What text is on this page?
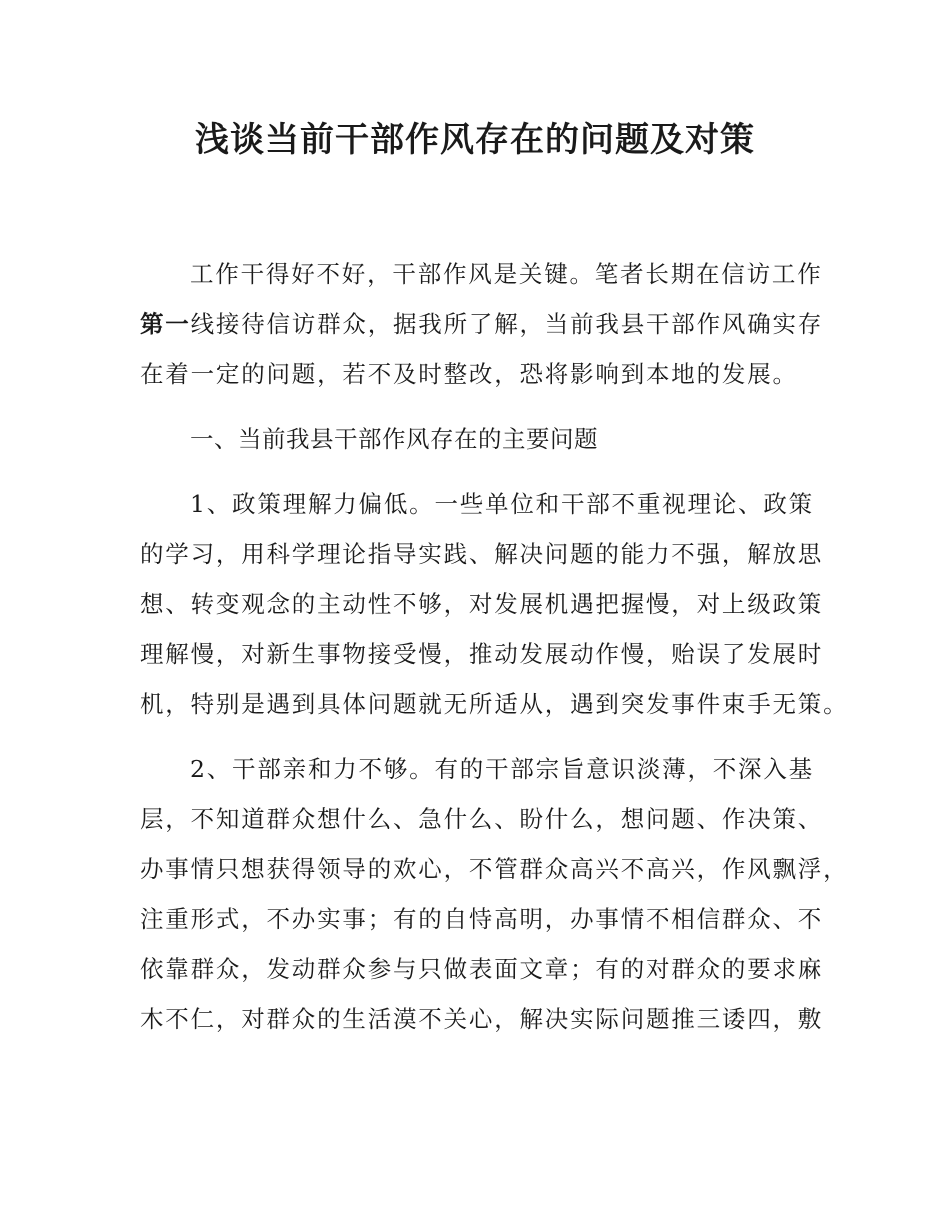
浅谈当前干部作风存在的问题及对策
工作干得好不好，干部作风是关键。笔者长期在信访工作
第一线接待信访群众，据我所了解，当前我县干部作风确实存
在着一定的问题，若不及时整改，恐将影响到本地的发展。
一、当前我县干部作风存在的主要问题
1、政策理解力偏低。一些单位和干部不重视理论、政策
的学习，用科学理论指导实践、解决问题的能力不强，解放思
想、转变观念的主动性不够，对发展机遇把握慢，对上级政策
理解慢，对新生事物接受慢，推动发展动作慢，贻误了发展时
机，特别是遇到具体问题就无所适从，遇到突发事件束手无策。
2、干部亲和力不够。有的干部宗旨意识淡薄，不深入基
层，不知道群众想什么、急什么、盼什么，想问题、作决策、
办事情只想获得领导的欢心，不管群众高兴不高兴，作风飘浮，
注重形式，不办实事；有的自恃高明，办事情不相信群众、不
依靠群众，发动群众参与只做表面文章；有的对群众的要求麻
木不仁，对群众的生活漠不关心，解决实际问题推三诿四，敷
